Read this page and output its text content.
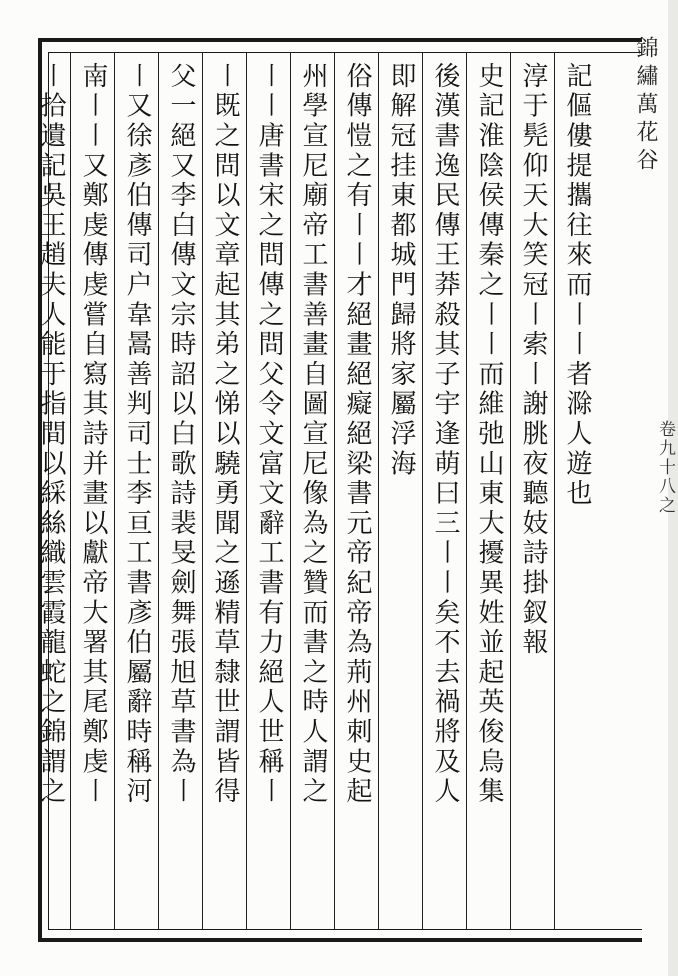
記傴僂提攜往來而〡〡者滁人遊也
淳于髡仰天大笑冠〡索〡謝朓夜聽妓詩掛釵報
史記淮陰侯傳秦之〡〡而維弛山東大擾異姓並起英俊烏集
後漢書逸民傳王莽殺其子宇逢萌曰三〡〡矣不去禍將及人
即解冠挂東都城門歸將家屬浮海
俗傳愷之有〡〡才絕畫絕癡絕梁書元帝紀帝為荊州刺史起
州學宣尼廟帝工書善畫自圖宣尼像為之贊而書之時人謂之
〡〡唐書宋之問傳之問父令文富文辭工書有力絕人世稱〡
〡既之問以文章起其弟之悌以驍勇聞之遜精草隸世謂皆得
父一絕又李白傳文宗時詔以白歌詩裴旻劍舞張旭草書為〡
〡又徐彥伯傳司户韋暠善判司士李亘工書彥伯屬辭時稱河
南〡〡又鄭虔傳虔嘗自寫其詩并畫以獻帝大署其尾鄭虔〡
〡拾遺記吳王趙夫人能于指間以綵絲織雲霞龍蛇之錦謂之	錦繡萬花谷
卷九十八之
